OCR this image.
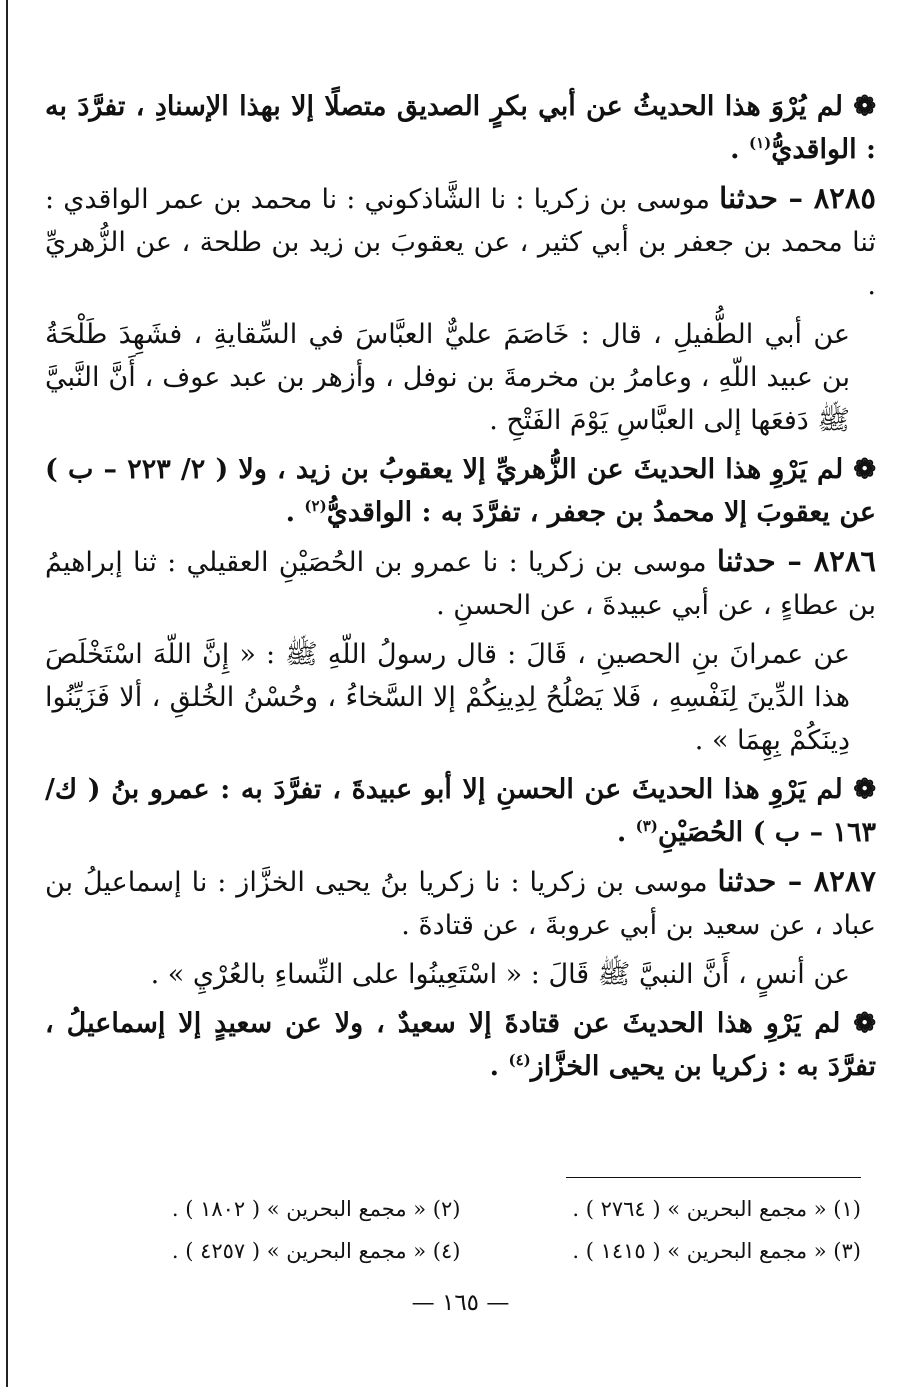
❁ لم يُرْوَ هذا الحديثُ عن أبي بكرٍ الصديق متصلًا إلا بهذا الإسنادِ ، تفرَّدَ به : الواقديُّ$^{(١)}$ .

٨٢٨٥ – حدثنا موسى بن زكريا : نا الشَّاذكوني : نا محمد بن عمر الواقدي : ثنا محمد بن جعفر بن أبي كثير ، عن يعقوبَ بن زيد بن طلحة ، عن الزُّهريِّ .

عن أبي الطُّفيلِ ، قال : خَاصَمَ عليٌّ العبَّاسَ في السِّقايةِ ، فشَهِدَ طَلْحَةُ بن عبيد اللّهِ ، وعامرُ بن مخرمةَ بن نوفل ، وأزهر بن عبد عوف ، أَنَّ النَّبيَّ ﷺ دَفعَها إلى العبَّاسِ يَوْمَ الفَتْحِ .

❁ لم يَرْوِ هذا الحديثَ عن الزُّهريِّ إلا يعقوبُ بن زيد ، ولا ( ٢/ ٢٢٣ – ب ) عن يعقوبَ إلا محمدُ بن جعفر ، تفرَّدَ به : الواقديُّ$^{(٢)}$ .

٨٢٨٦ – حدثنا موسى بن زكريا : نا عمرو بن الحُصَيْنِ العقيلي : ثنا إبراهيمُ بن عطاءٍ ، عن أبي عبيدةَ ، عن الحسنِ .

عن عمرانَ بنِ الحصينِ ، قَالَ : قال رسولُ اللّهِ ﷺ : « إِنَّ اللّهَ اسْتَخْلَصَ هذا الدِّينَ لِنَفْسِهِ ، فَلا يَصْلُحُ لِدِينِكُمْ إلا السَّخاءُ ، وحُسْنُ الخُلقِ ، ألا فَزَيِّنُوا دِينَكُمْ بِهِمَا » .

❁ لم يَرْوِ هذا الحديثَ عن الحسنِ إلا أبو عبيدةَ ، تفرَّدَ به : عمرو بنُ ( ك/١٦٣ – ب ) الحُصَيْنِ$^{(٣)}$ .

٨٢٨٧ – حدثنا موسى بن زكريا : نا زكريا بنُ يحيى الخزَّاز : نا إسماعيلُ بن عباد ، عن سعيد بن أبي عروبةَ ، عن قتادةَ .

عن أنسٍ ، أَنَّ النبيَّ ﷺ قَالَ : « اسْتَعِينُوا على النِّساءِ بالعُرْيِ » .

❁ لم يَرْوِ هذا الحديثَ عن قتادةَ إلا سعيدٌ ، ولا عن سعيدٍ إلا إسماعيلُ ، تفرَّدَ به : زكريا بن يحيى الخزَّاز$^{(٤)}$ .

(١) « مجمع البحرين » ( ٢٧٦٤ ) .
(٢) « مجمع البحرين » ( ١٨٠٢ ) .
(٣) « مجمع البحرين » ( ١٤١٥ ) .
(٤) « مجمع البحرين » ( ٤٢٥٧ ) .
— ١٦٥ —
